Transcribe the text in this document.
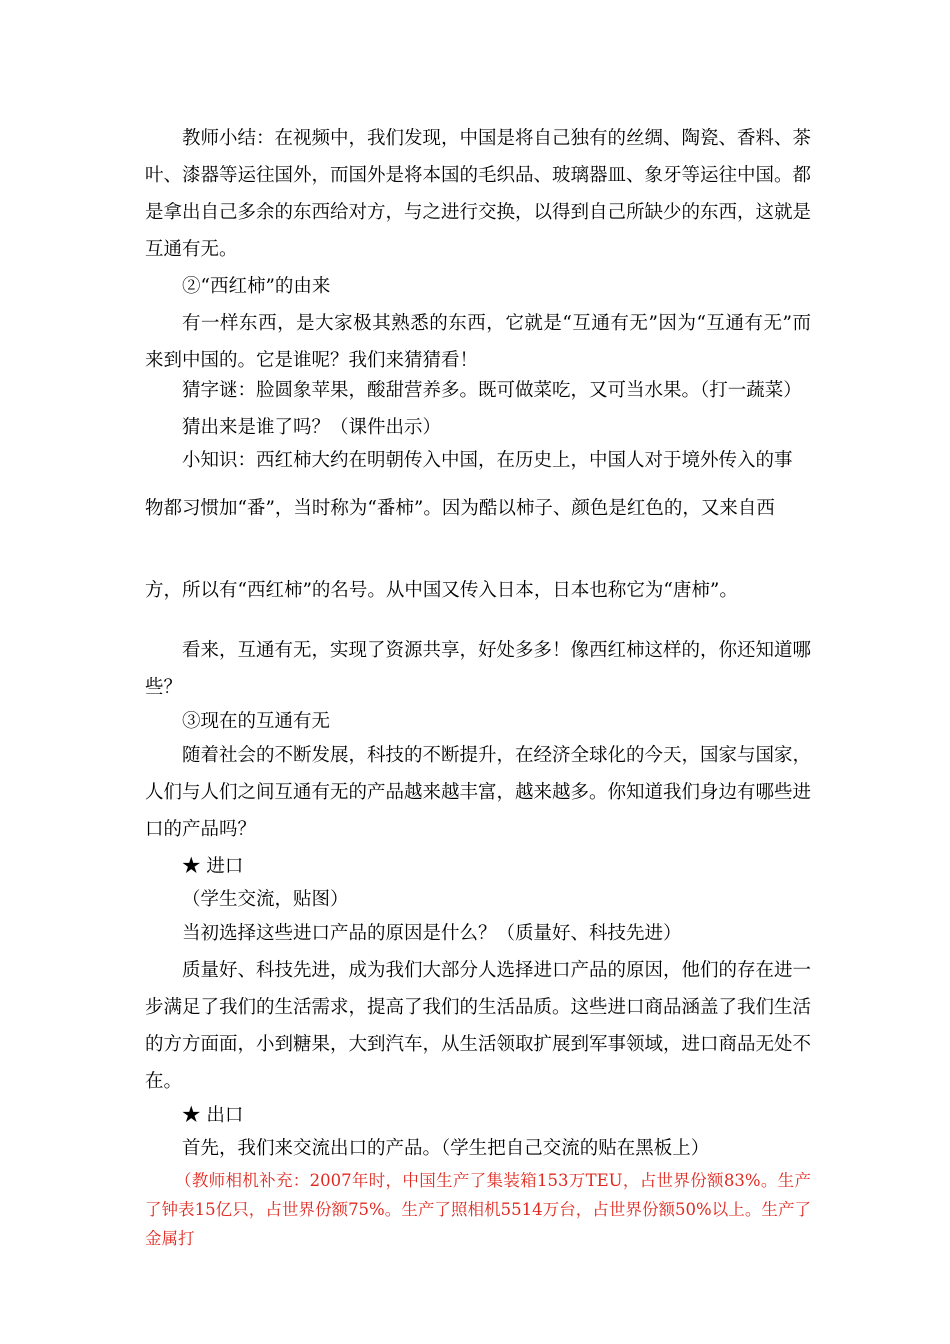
教师小结：在视频中，我们发现，中国是将自己独有的丝绸、陶瓷、香料、茶叶、漆器等运往国外，而国外是将本国的毛织品、玻璃器皿、象牙等运往中国。都是拿出自己多余的东西给对方，与之进行交换，以得到自己所缺少的东西，这就是互通有无。

②“西红柿”的由来

有一样东西，是大家极其熟悉的东西，它就是“互通有无”因为“互通有无”而来到中国的。它是谁呢？我们来猜猜看！

猜字谜：脸圆象苹果，酸甜营养多。既可做菜吃，又可当水果。（打一蔬菜）

猜出来是谁了吗？（课件出示）

小知识：西红柿大约在明朝传入中国，在历史上，中国人对于境外传入的事

物都习惯加“番”，当时称为“番柿”。因为酷以柿子、颜色是红色的，又来自西

方，所以有“西红柿”的名号。从中国又传入日本，日本也称它为“唐柿”。

看来，互通有无，实现了资源共享，好处多多！像西红柿这样的，你还知道哪些？

③现在的互通有无

随着社会的不断发展，科技的不断提升，在经济全球化的今天，国家与国家，人们与人们之间互通有无的产品越来越丰富，越来越多。你知道我们身边有哪些进口的产品吗？

★ 进口

（学生交流，贴图）

当初选择这些进口产品的原因是什么？（质量好、科技先进）

质量好、科技先进，成为我们大部分人选择进口产品的原因，他们的存在进一步满足了我们的生活需求，提高了我们的生活品质。这些进口商品涵盖了我们生活的方方面面，小到糖果，大到汽车，从生活领取扩展到军事领域，进口商品无处不在。

★ 出口

首先，我们来交流出口的产品。（学生把自己交流的贴在黑板上）

（教师相机补充：2007年时，中国生产了集装箱153万TEU，占世界份额83%。生产了钟表15亿只，占世界份额75%。生产了照相机5514万台，占世界份额50%以上。生产了金属打
